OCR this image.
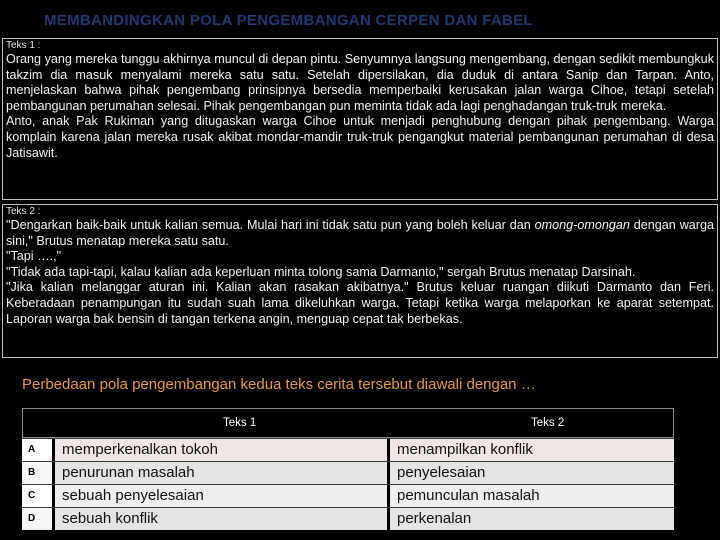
MEMBANDINGKAN POLA PENGEMBANGAN CERPEN DAN FABEL
Teks 1 :

Orang yang mereka tunggu akhirnya muncul di depan pintu. Senyumnya langsung mengembang, dengan sedikit membungkuk takzim dia masuk menyalami mereka satu satu. Setelah dipersilakan, dia duduk di antara Sanip dan Tarpan. Anto, menjelaskan bahwa pihak pengembang prinsipnya bersedia memperbaiki kerusakan jalan warga Cihoe, tetapi setelah pembangunan perumahan selesai. Pihak pengembangan pun meminta tidak ada lagi penghadangan truk-truk mereka.

Anto, anak Pak Rukiman yang ditugaskan warga Cihoe untuk menjadi penghubung dengan pihak pengembang. Warga komplain karena jalan mereka rusak akibat mondar-mandir truk-truk pengangkut material pembangunan perumahan di desa Jatisawit.

Teks 2 :

"Dengarkan baik-baik untuk kalian semua. Mulai hari ini tidak satu pun yang boleh keluar dan omong-omongan dengan warga sini," Brutus menatap mereka satu satu.

"Tapi ….,"

"Tidak ada tapi-tapi, kalau kalian ada keperluan minta tolong sama Darmanto," sergah Brutus menatap Darsinah.

"Jika kalian melanggar aturan ini. Kalian akan rasakan akibatnya." Brutus keluar ruangan diikuti Darmanto dan Feri. Keberadaan penampungan itu sudah suah lama dikeluhkan warga. Tetapi ketika warga melaporkan ke aparat setempat. Laporan warga bak bensin di tangan terkena angin, menguap cepat tak berbekas.

Perbedaan pola pengembangan kedua teks cerita tersebut diawali dengan …
Teks 1	Teks 2
A	memperkenalkan tokoh	menampilkan konflik
B	penurunan masalah	penyelesaian
C	sebuah penyelesaian	pemunculan masalah
D	sebuah konflik	perkenalan
